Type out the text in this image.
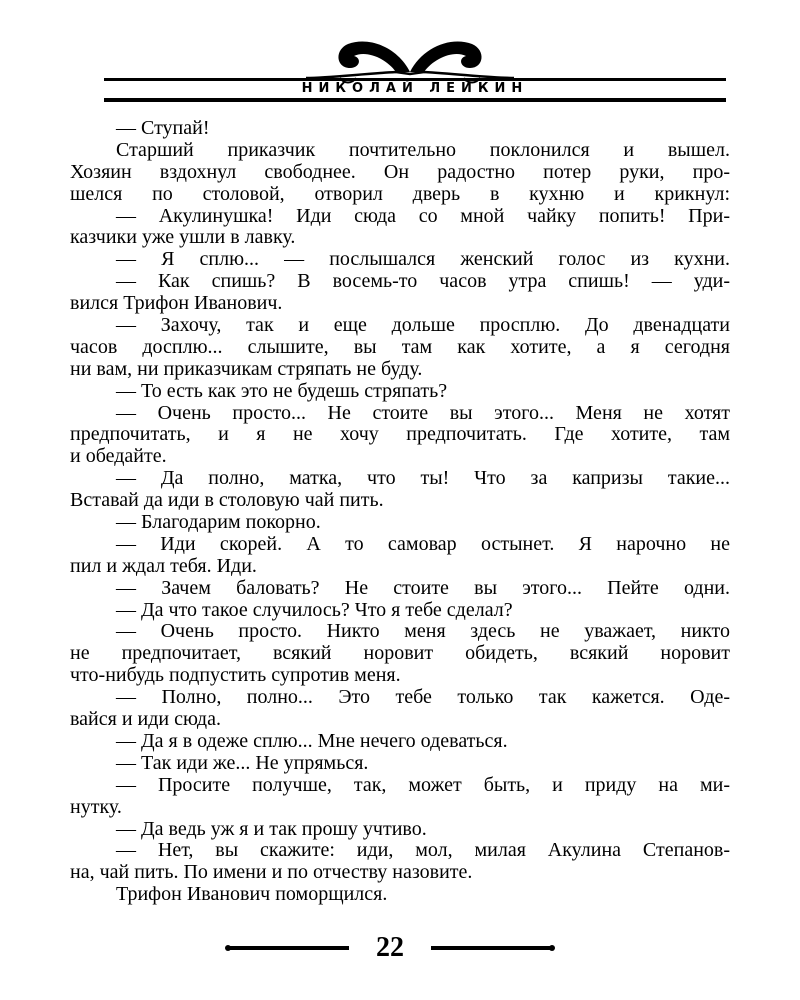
НИКОЛАЙ ЛЕЙКИН
— Ступай!
Старший приказчик почтительно поклонился и вышел.
Хозяин вздохнул свободнее. Он радостно потер руки, про-
шелся по столовой, отворил дверь в кухню и крикнул:
— Акулинушка! Иди сюда со мной чайку попить! При-
казчики уже ушли в лавку.
— Я сплю... — послышался женский голос из кухни.
— Как спишь? В восемь-то часов утра спишь! — уди-
вился Трифон Иванович.
— Захочу, так и еще дольше просплю. До двенадцати
часов досплю... слышите, вы там как хотите, а я сегодня
ни вам, ни приказчикам стряпать не буду.
— То есть как это не будешь стряпать?
— Очень просто... Не стоите вы этого... Меня не хотят
предпочитать, и я не хочу предпочитать. Где хотите, там
и обедайте.
— Да полно, матка, что ты! Что за капризы такие...
Вставай да иди в столовую чай пить.
— Благодарим покорно.
— Иди скорей. А то самовар остынет. Я нарочно не
пил и ждал тебя. Иди.
— Зачем баловать? Не стоите вы этого... Пейте одни.
— Да что такое случилось? Что я тебе сделал?
— Очень просто. Никто меня здесь не уважает, никто
не предпочитает, всякий норовит обидеть, всякий норовит
что-нибудь подпустить супротив меня.
— Полно, полно... Это тебе только так кажется. Оде-
вайся и иди сюда.
— Да я в одеже сплю... Мне нечего одеваться.
— Так иди же... Не упрямься.
— Просите получше, так, может быть, и приду на ми-
нутку.
— Да ведь уж я и так прошу учтиво.
— Нет, вы скажите: иди, мол, милая Акулина Степанов-
на, чай пить. По имени и по отчеству назовите.
Трифон Иванович поморщился.
22
